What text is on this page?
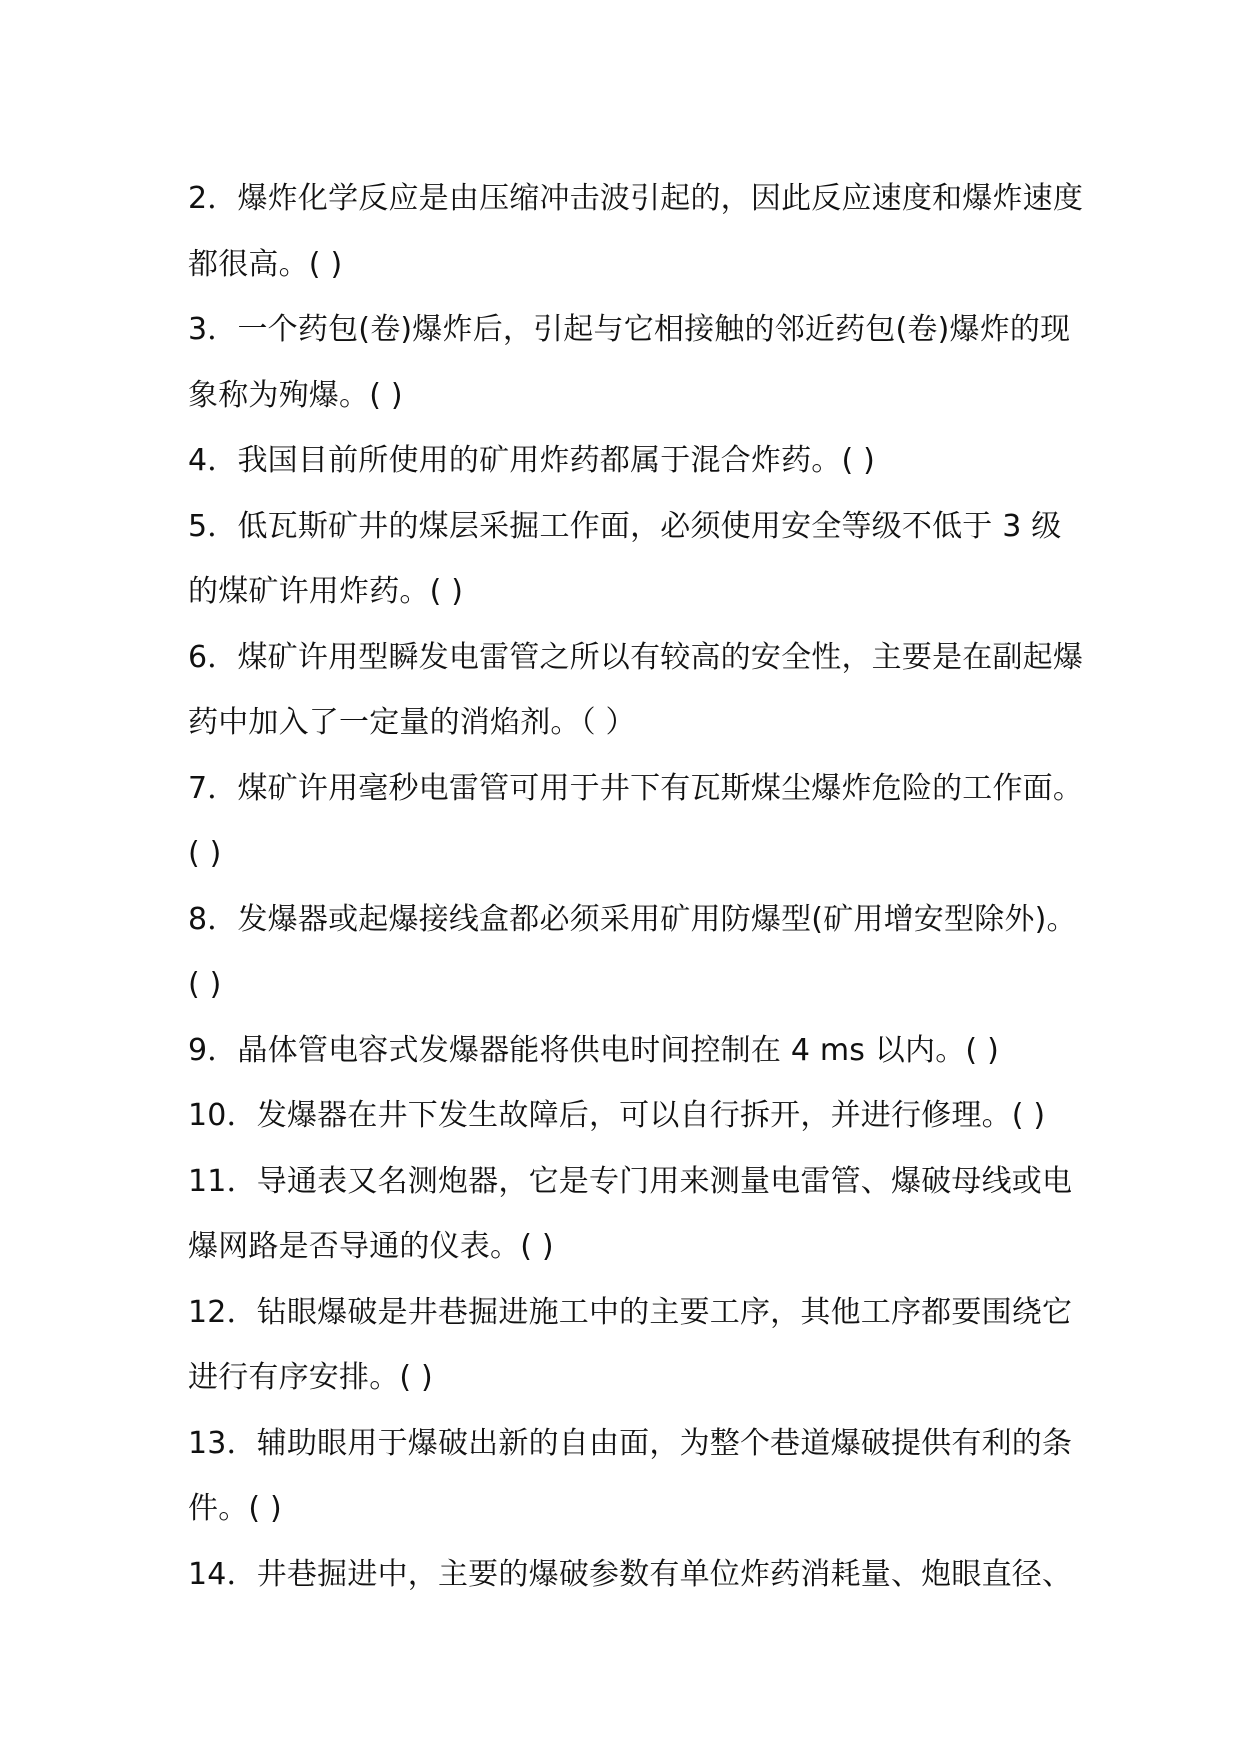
2．爆炸化学反应是由压缩冲击波引起的，因此反应速度和爆炸速度
都很高。( )
3．一个药包(卷)爆炸后，引起与它相接触的邻近药包(卷)爆炸的现
象称为殉爆。( )
4．我国目前所使用的矿用炸药都属于混合炸药。( )
5．低瓦斯矿井的煤层采掘工作面，必须使用安全等级不低于 3 级
的煤矿许用炸药。( )
6．煤矿许用型瞬发电雷管之所以有较高的安全性，主要是在副起爆
药中加入了一定量的消焰剂。（ ）
7．煤矿许用毫秒电雷管可用于井下有瓦斯煤尘爆炸危险的工作面。
( )
8．发爆器或起爆接线盒都必须采用矿用防爆型(矿用增安型除外)。
( )
9．晶体管电容式发爆器能将供电时间控制在 4 ms 以内。( )
10．发爆器在井下发生故障后，可以自行拆开，并进行修理。( )
11．导通表又名测炮器，它是专门用来测量电雷管、爆破母线或电
爆网路是否导通的仪表。( )
12．钻眼爆破是井巷掘进施工中的主要工序，其他工序都要围绕它
进行有序安排。( )
13．辅助眼用于爆破出新的自由面，为整个巷道爆破提供有利的条
件。( )
14．井巷掘进中，主要的爆破参数有单位炸药消耗量、炮眼直径、
